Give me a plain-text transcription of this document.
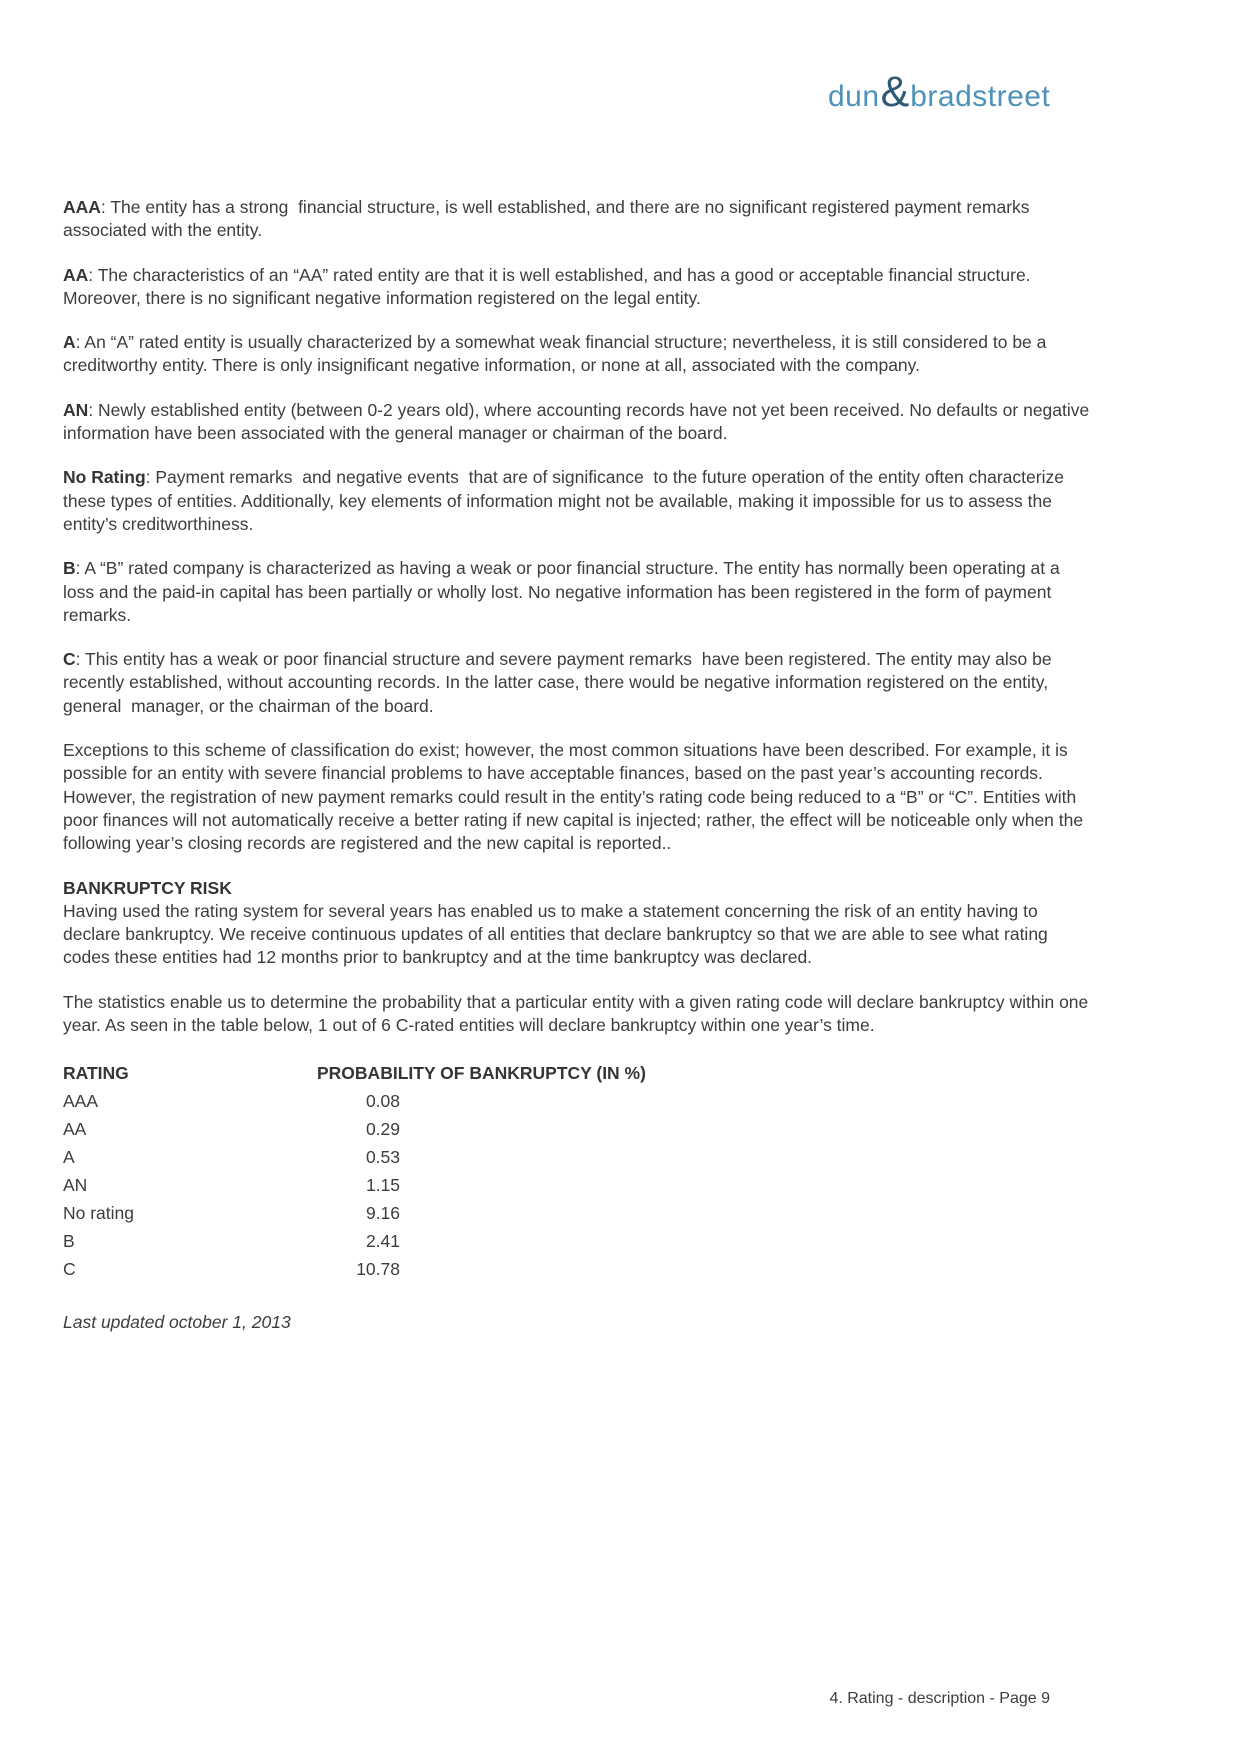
dun & bradstreet

AAA: The entity has a strong  financial structure, is well established, and there are no significant registered payment remarks associated with the entity.

AA: The characteristics of an “AA” rated entity are that it is well established, and has a good or acceptable financial structure. Moreover, there is no significant negative information registered on the legal entity.

A: An “A” rated entity is usually characterized by a somewhat weak financial structure; nevertheless, it is still considered to be a creditworthy entity. There is only insignificant negative information, or none at all, associated with the company.

AN: Newly established entity (between 0-2 years old), where accounting records have not yet been received. No defaults or negative information have been associated with the general manager or chairman of the board.

No Rating: Payment remarks  and negative events  that are of significance  to the future operation of the entity often characterize these types of entities. Additionally, key elements of information might not be available, making it impossible for us to assess the entity’s creditworthiness.

B: A “B” rated company is characterized as having a weak or poor financial structure. The entity has normally been operating at a loss and the paid-in capital has been partially or wholly lost. No negative information has been registered in the form of payment remarks.

C: This entity has a weak or poor financial structure and severe payment remarks  have been registered. The entity may also be recently established, without accounting records. In the latter case, there would be negative information registered on the entity, general  manager, or the chairman of the board.

Exceptions to this scheme of classification do exist; however, the most common situations have been described. For example, it is possible for an entity with severe financial problems to have acceptable finances, based on the past year’s accounting records. However, the registration of new payment remarks could result in the entity’s rating code being reduced to a “B” or “C”. Entities with poor finances will not automatically receive a better rating if new capital is injected; rather, the effect will be noticeable only when the following year’s closing records are registered and the new capital is reported..

BANKRUPTCY RISK

Having used the rating system for several years has enabled us to make a statement concerning the risk of an entity having to declare bankruptcy. We receive continuous updates of all entities that declare bankruptcy so that we are able to see what rating codes these entities had 12 months prior to bankruptcy and at the time bankruptcy was declared.

The statistics enable us to determine the probability that a particular entity with a given rating code will declare bankruptcy within one year. As seen in the table below, 1 out of 6 C-rated entities will declare bankruptcy within one year’s time.

RATING	PROBABILITY OF BANKRUPTCY (IN %)
AAA	0.08
AA	0.29
A	0.53
AN	1.15
No rating	9.16
B	2.41
C	10.78
Last updated october 1, 2013
4. Rating - description - Page 9
